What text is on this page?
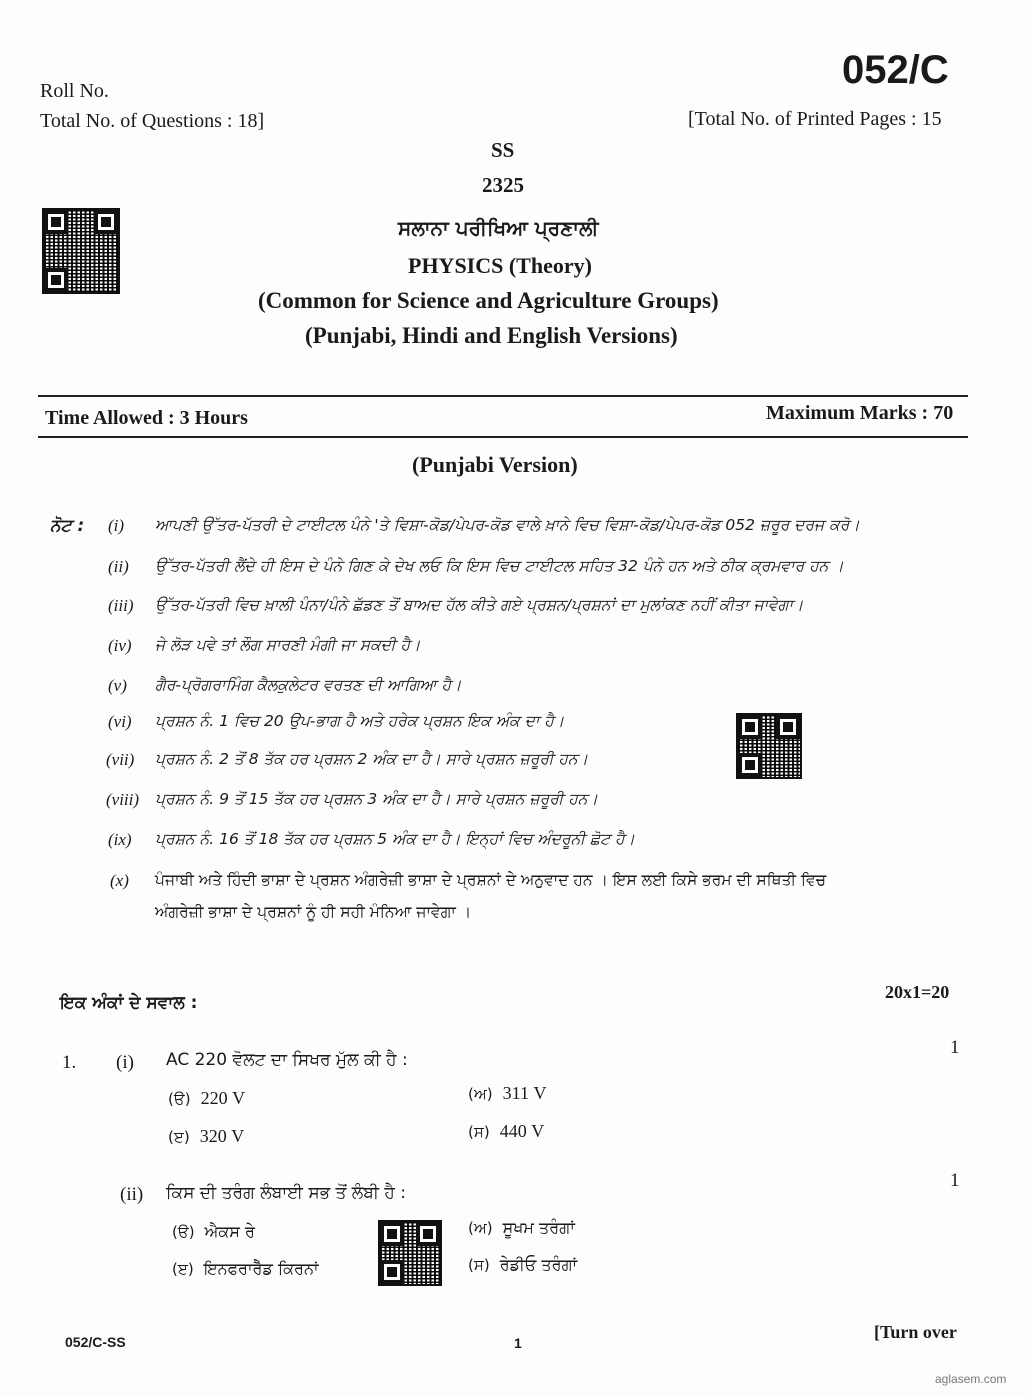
Roll No.
Total No. of Questions : 18]
052/C
[Total No. of Printed Pages : 15
SS
2325
ਸਲਾਨਾ ਪਰੀਖਿਆ ਪ੍ਰਣਾਲੀ
PHYSICS (Theory)
(Common for Science and Agriculture Groups)
(Punjabi, Hindi and English Versions)
Time Allowed : 3 Hours	Maximum Marks : 70
(Punjabi Version)
ਨੋਟ : (i) ਆਪਣੀ ਉੱਤਰ-ਪੱਤਰੀ ਦੇ ਟਾਈਟਲ ਪੰਨੇ 'ਤੇ ਵਿਸ਼ਾ-ਕੋਡ/ਪੇਪਰ-ਕੋਡ ਵਾਲੇ ਖ਼ਾਨੇ ਵਿਚ ਵਿਸ਼ਾ-ਕੋਡ/ਪੇਪਰ-ਕੋਡ 052 ਜ਼ਰੂਰ ਦਰਜ ਕਰੋ।
(ii) ਉੱਤਰ-ਪੱਤਰੀ ਲੈਂਦੇ ਹੀ ਇਸ ਦੇ ਪੰਨੇ ਗਿਣ ਕੇ ਦੇਖ ਲਓ ਕਿ ਇਸ ਵਿਚ ਟਾਈਟਲ ਸਹਿਤ 32 ਪੰਨੇ ਹਨ ਅਤੇ ਠੀਕ ਕ੍ਰਮਵਾਰ ਹਨ ।
(iii) ਉੱਤਰ-ਪੱਤਰੀ ਵਿਚ ਖ਼ਾਲੀ ਪੰਨਾ/ਪੰਨੇ ਛੱਡਣ ਤੋਂ ਬਾਅਦ ਹੱਲ ਕੀਤੇ ਗਏ ਪ੍ਰਸ਼ਨ/ਪ੍ਰਸ਼ਨਾਂ ਦਾ ਮੁਲਾਂਕਣ ਨਹੀਂ ਕੀਤਾ ਜਾਵੇਗਾ।
(iv) ਜੇ ਲੋੜ ਪਵੇ ਤਾਂ ਲੌਗ ਸਾਰਣੀ ਮੰਗੀ ਜਾ ਸਕਦੀ ਹੈ।
(v) ਗੈਰ-ਪ੍ਰੋਗਰਾਮਿੰਗ ਕੈਲਕੁਲੇਟਰ ਵਰਤਣ ਦੀ ਆਗਿਆ ਹੈ।
(vi) ਪ੍ਰਸ਼ਨ ਨੰ. 1 ਵਿਚ 20 ਉਪ-ਭਾਗ ਹੈ ਅਤੇ ਹਰੇਕ ਪ੍ਰਸ਼ਨ ਇਕ ਅੰਕ ਦਾ ਹੈ।
(vii) ਪ੍ਰਸ਼ਨ ਨੰ. 2 ਤੋਂ 8 ਤੱਕ ਹਰ ਪ੍ਰਸ਼ਨ 2 ਅੰਕ ਦਾ ਹੈ। ਸਾਰੇ ਪ੍ਰਸ਼ਨ ਜ਼ਰੂਰੀ ਹਨ।
(viii) ਪ੍ਰਸ਼ਨ ਨੰ. 9 ਤੋਂ 15 ਤੱਕ ਹਰ ਪ੍ਰਸ਼ਨ 3 ਅੰਕ ਦਾ ਹੈ। ਸਾਰੇ ਪ੍ਰਸ਼ਨ ਜ਼ਰੂਰੀ ਹਨ।
(ix) ਪ੍ਰਸ਼ਨ ਨੰ. 16 ਤੋਂ 18 ਤੱਕ ਹਰ ਪ੍ਰਸ਼ਨ 5 ਅੰਕ ਦਾ ਹੈ। ਇਨ੍ਹਾਂ ਵਿਚ ਅੰਦਰੂਨੀ ਛੋਟ ਹੈ।
(x) ਪੰਜਾਬੀ ਅਤੇ ਹਿੰਦੀ ਭਾਸ਼ਾ ਦੇ ਪ੍ਰਸ਼ਨ ਅੰਗਰੇਜ਼ੀ ਭਾਸ਼ਾ ਦੇ ਪ੍ਰਸ਼ਨਾਂ ਦੇ ਅਨੁਵਾਦ ਹਨ । ਇਸ ਲਈ ਕਿਸੇ ਭਰਮ ਦੀ ਸਥਿਤੀ ਵਿਚ
ਅੰਗਰੇਜ਼ੀ ਭਾਸ਼ਾ ਦੇ ਪ੍ਰਸ਼ਨਾਂ ਨੂੰ ਹੀ ਸਹੀ ਮੰਨਿਆ ਜਾਵੇਗਾ ।
ਇਕ ਅੰਕਾਂ ਦੇ ਸਵਾਲ :
20x1=20
1. (i) AC 220 ਵੋਲਟ ਦਾ ਸਿਖਰ ਮੁੱਲ ਕੀ ਹੈ :
1
(ੳ) 220 V	(ਅ) 311 V
(ੲ) 320 V	(ਸ) 440 V
(ii) ਕਿਸ ਦੀ ਤਰੰਗ ਲੰਬਾਈ ਸਭ ਤੋਂ ਲੰਬੀ ਹੈ :
1
(ੳ) ਐਕਸ ਰੇ	(ਅ) ਸੂਖਮ ਤਰੰਗਾਂ
(ੲ) ਇਨਫਰਾਰੈੱਡ ਕਿਰਨਾਂ	(ਸ) ਰੇਡੀਓ ਤਰੰਗਾਂ
052/C-SS	1
[Turn over
aglasem.com
